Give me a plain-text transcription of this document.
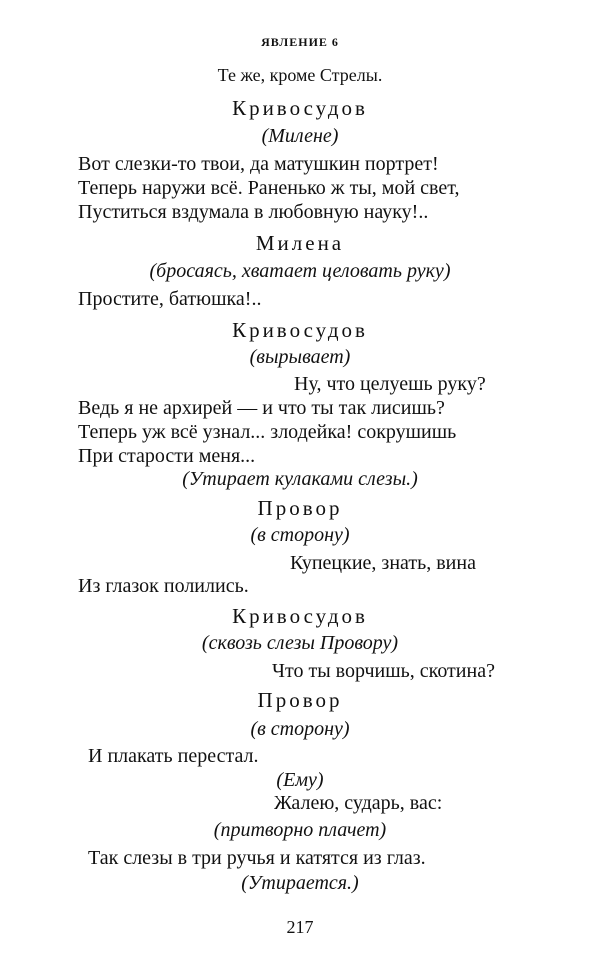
ЯВЛЕНИЕ 6
Те же, кроме Стрелы.
Кривосудов
(Милене)
Вот слезки-то твои, да матушкин портрет!
Теперь наружи всё. Раненько ж ты, мой свет,
Пуститься вздумала в любовную науку!..
Милена
(бросаясь, хватает целовать руку)
Простите, батюшка!..
Кривосудов
(вырывает)
Ну, что целуешь руку?
Ведь я не архирей — и что ты так лисишь?
Теперь уж всё узнал... злодейка! сокрушишь
При старости меня...
(Утирает кулаками слезы.)
Провор
(в сторону)
Купецкие, знать, вина
Из глазок полились.
Кривосудов
(сквозь слезы Провору)
Что ты ворчишь, скотина?
Провор
(в сторону)
И плакать перестал.
(Ему)
Жалею, сударь, вас:
(притворно плачет)
Так слезы в три ручья и катятся из глаз.
(Утирается.)
217
